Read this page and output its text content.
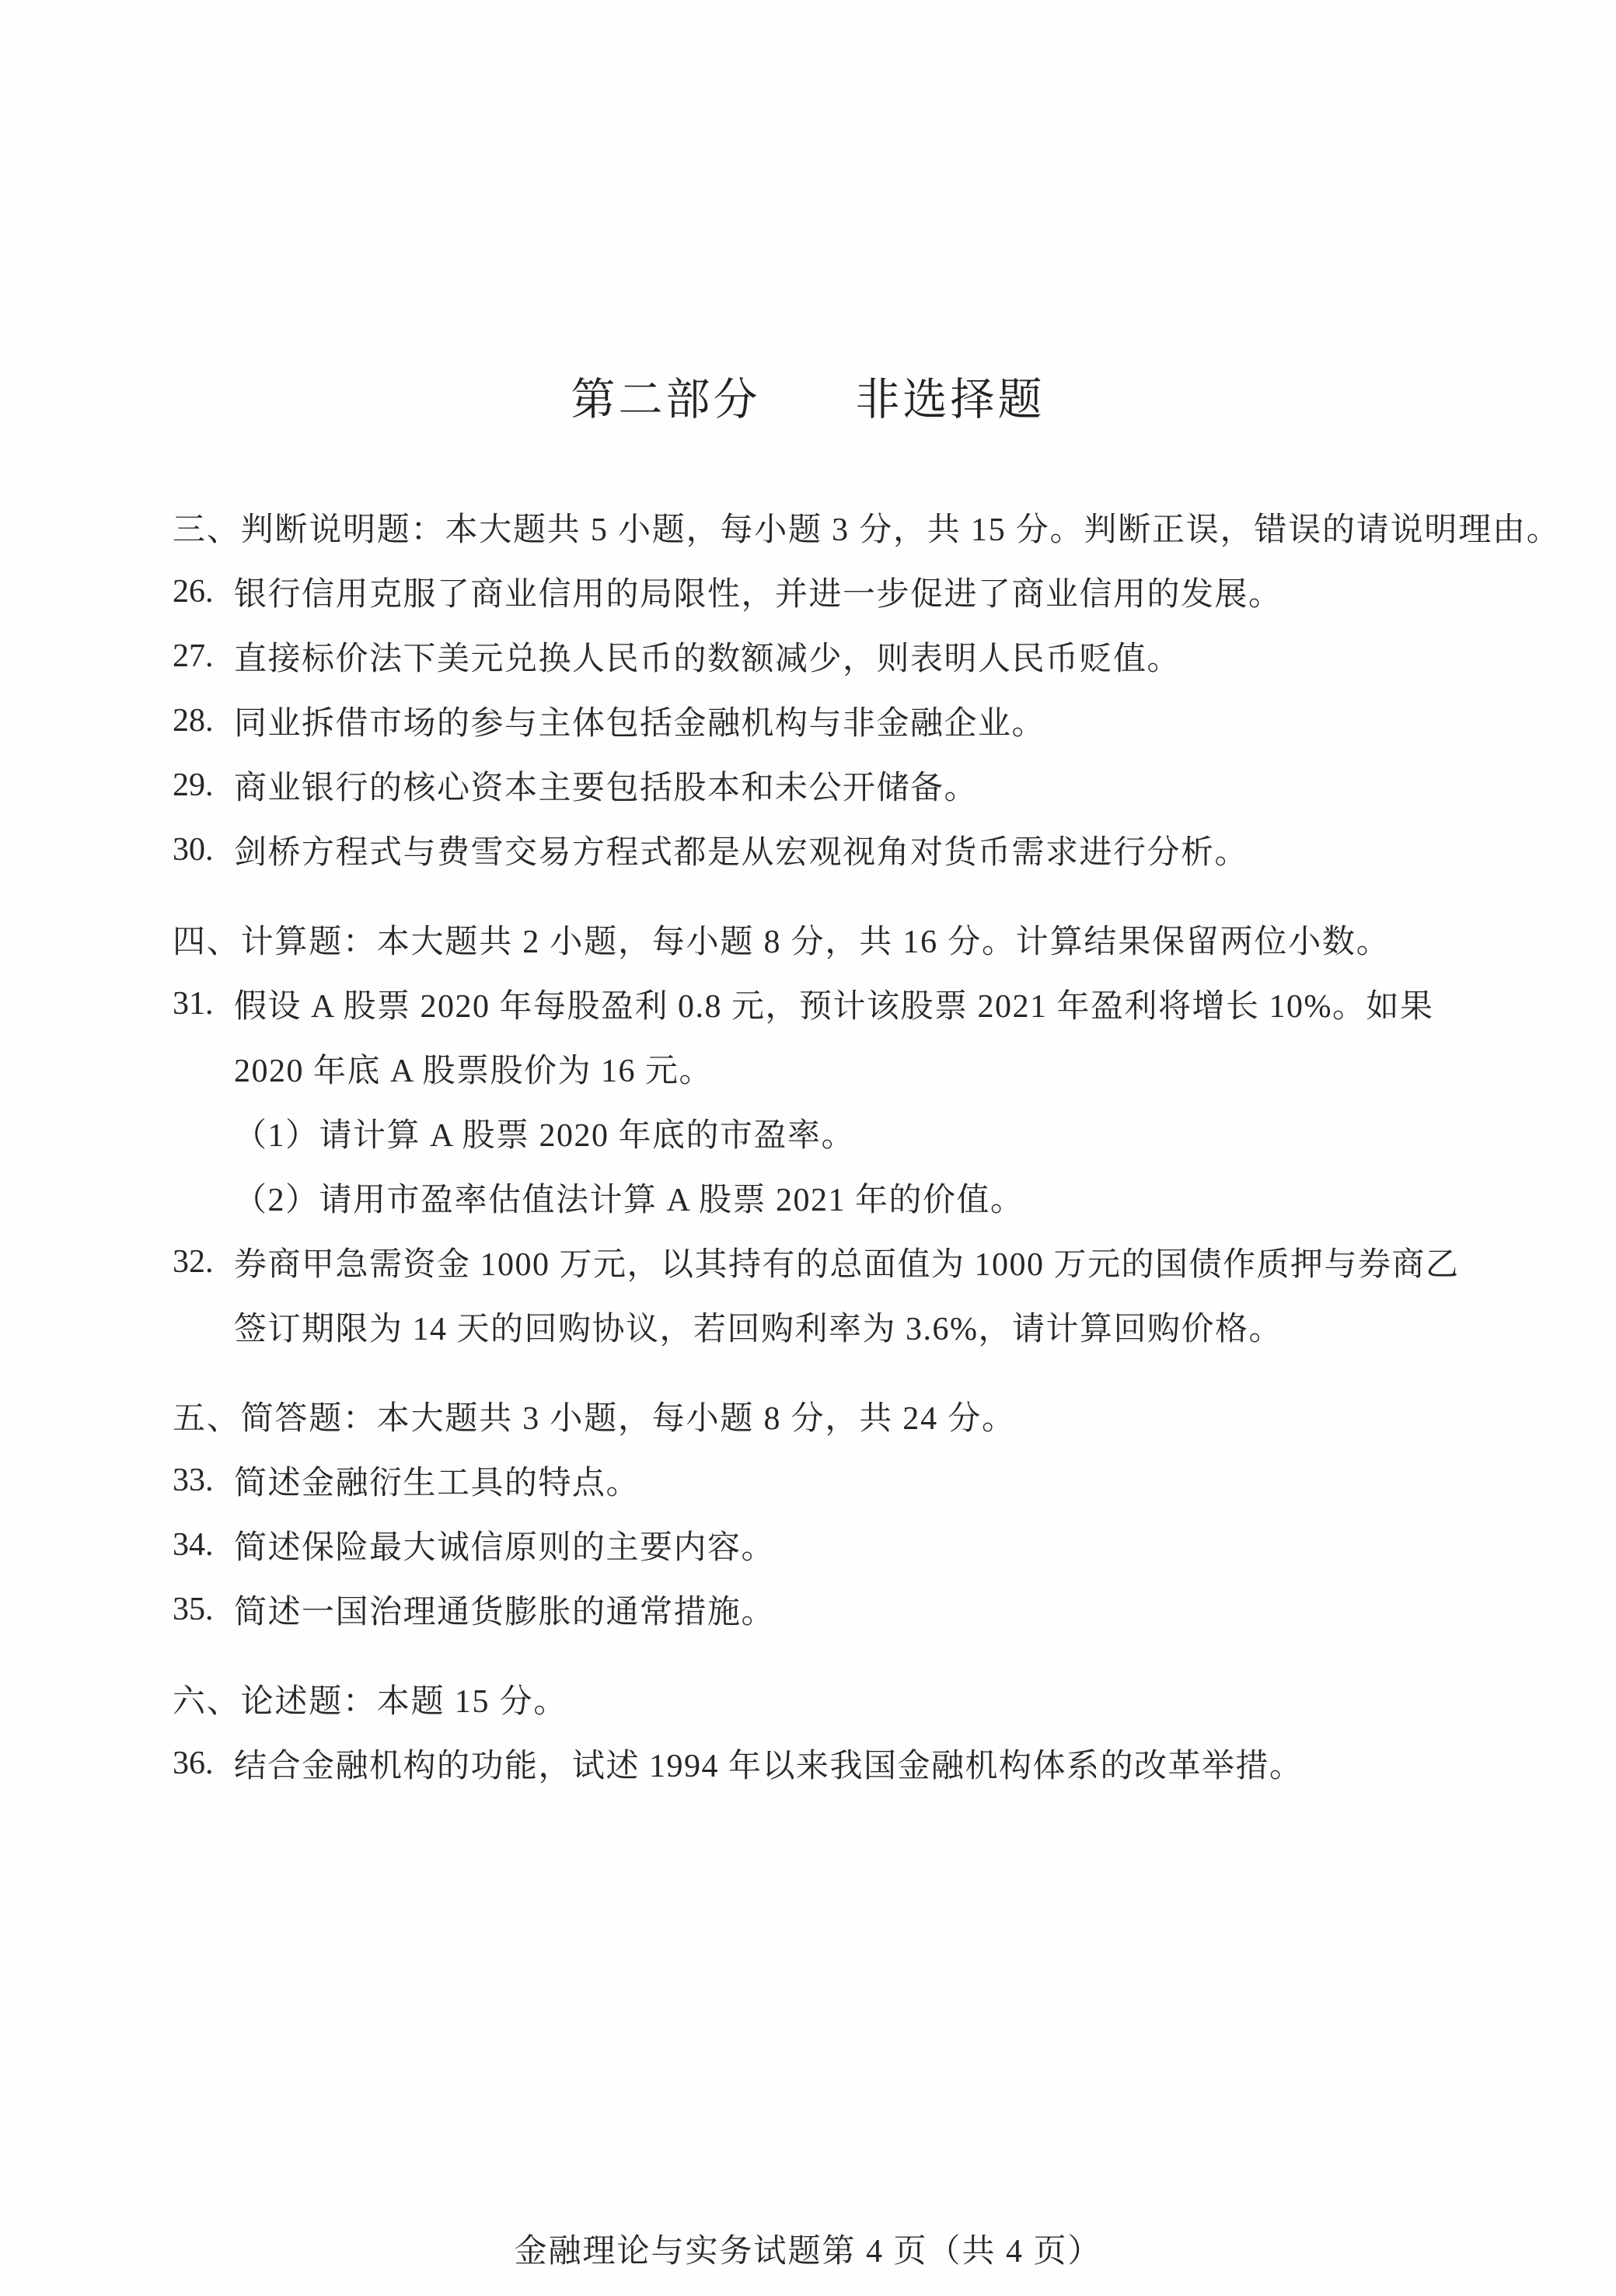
第二部分　　非选择题
三、判断说明题：本大题共 5 小题，每小题 3 分，共 15 分。判断正误，错误的请说明理由。
26. 银行信用克服了商业信用的局限性，并进一步促进了商业信用的发展。
27. 直接标价法下美元兑换人民币的数额减少，则表明人民币贬值。
28. 同业拆借市场的参与主体包括金融机构与非金融企业。
29. 商业银行的核心资本主要包括股本和未公开储备。
30. 剑桥方程式与费雪交易方程式都是从宏观视角对货币需求进行分析。
四、计算题：本大题共 2 小题，每小题 8 分，共 16 分。计算结果保留两位小数。
31. 假设 A 股票 2020 年每股盈利 0.8 元，预计该股票 2021 年盈利将增长 10%。如果
2020 年底 A 股票股价为 16 元。
（1）请计算 A 股票 2020 年底的市盈率。
（2）请用市盈率估值法计算 A 股票 2021 年的价值。
32. 券商甲急需资金 1000 万元，以其持有的总面值为 1000 万元的国债作质押与券商乙
签订期限为 14 天的回购协议，若回购利率为 3.6%，请计算回购价格。
五、简答题：本大题共 3 小题，每小题 8 分，共 24 分。
33. 简述金融衍生工具的特点。
34. 简述保险最大诚信原则的主要内容。
35. 简述一国治理通货膨胀的通常措施。
六、论述题：本题 15 分。
36. 结合金融机构的功能，试述 1994 年以来我国金融机构体系的改革举措。
金融理论与实务试题第 4 页（共 4 页）
